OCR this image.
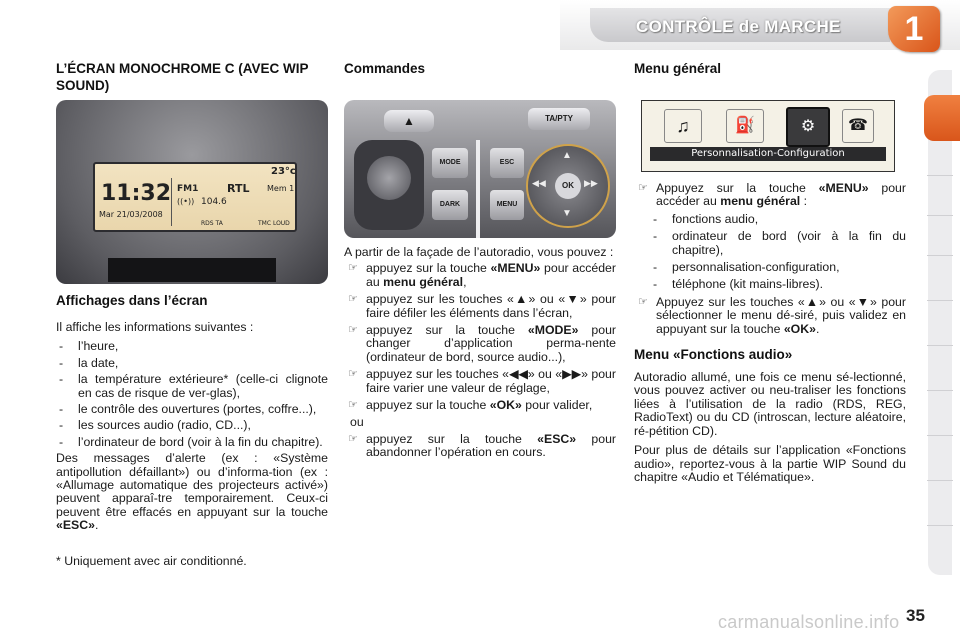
CONTRÔLE de MARCHE	1
L’ÉCRAN MONOCHROME C (AVEC WIP SOUND)
11:32
Mar 21/03/2008
23°c
FM1	RTL
104.6
((•))
Mem 1
RDS TA	TMC LOUD
Affichages dans l’écran

Il affiche les informations suivantes :

- l’heure,
- la date,
- la température extérieure* (celle-ci clignote en cas de risque de ver-glas),
- le contrôle des ouvertures (portes, coffre...),
- les sources audio (radio, CD...),
- l’ordinateur de bord (voir à la fin du chapitre).

Des messages d’alerte (ex : «Système antipollution défaillant») ou d’informa-tion (ex : «Allumage automatique des projecteurs activé») peuvent apparaî-tre temporairement. Ceux-ci peuvent être effacés en appuyant sur la touche «ESC».

* Uniquement avec air conditionné.

Commandes
▲	TA/PTY
MODE
DARK
ESC
MENU
▲
▼
◀◀	▶▶
OK

A partir de la façade de l’autoradio, vous pouvez :

☞ appuyez sur la touche «MENU» pour accéder au menu général,
☞ appuyez sur les touches «▲» ou «▼» pour faire défiler les éléments dans l’écran,
☞ appuyez sur la touche «MODE» pour changer d’application perma-nente (ordinateur de bord, source audio...),
☞ appuyez sur les touches «◀◀» ou «▶▶» pour faire varier une valeur de réglage,
☞ appuyez sur la touche «OK» pour valider,

ou

☞ appuyez sur la touche «ESC» pour abandonner l’opération en cours.
Menu général
♫	⛽	⚙	☎
Personnalisation-Configuration
☞ Appuyez sur la touche «MENU» pour accéder au menu général :
- fonctions audio,
- ordinateur de bord (voir à la fin du chapitre),
- personnalisation-configuration,
- téléphone (kit mains-libres).
☞ Appuyez sur les touches «▲» ou «▼» pour sélectionner le menu dé-siré, puis validez en appuyant sur la touche «OK».
Menu «Fonctions audio»

Autoradio allumé, une fois ce menu sé-lectionné, vous pouvez activer ou neu-traliser les fonctions liées à l’utilisation de la radio (RDS, REG, RadioText) ou du CD (introscan, lecture aléatoire, ré-pétition CD).

Pour plus de détails sur l’application «Fonctions audio», reportez-vous à la partie WIP Sound du chapitre «Audio et Télématique».

carmanualsonline.info 35
